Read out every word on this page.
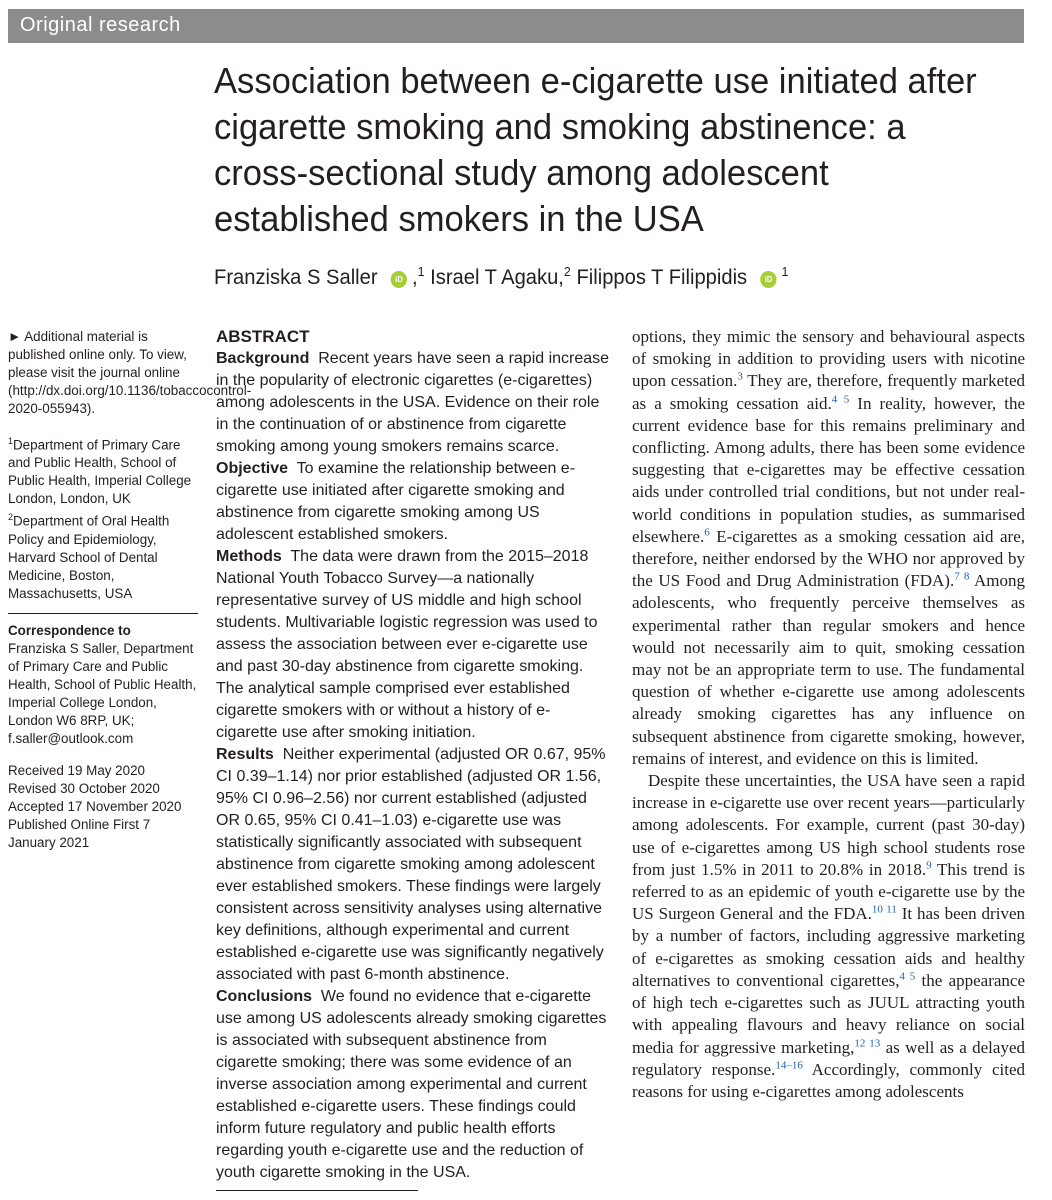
Original research
Association between e-cigarette use initiated after cigarette smoking and smoking abstinence: a cross-sectional study among adolescent established smokers in the USA
Franziska S Saller iD ,$^1$ Israel T Agaku,$^2$ Filippos T Filippidis $iD^1$

► Additional material is published online only. To view, please visit the journal online (http://dx.doi.org/10.1136/tobaccocontrol-2020-055943).

$^1$Department of Primary Care and Public Health, School of Public Health, Imperial College London, London, UK

$^2$Department of Oral Health Policy and Epidemiology, Harvard School of Dental Medicine, Boston, Massachusetts, USA

Correspondence to

Franziska S Saller, Department of Primary Care and Public Health, School of Public Health, Imperial College London, London W6 8RP, UK; f.saller@outlook.com

Received 19 May 2020

Revised 30 October 2020

Accepted 17 November 2020

Published Online First 7 January 2021

ABSTRACT

Background Recent years have seen a rapid increase in the popularity of electronic cigarettes (e-cigarettes) among adolescents in the USA. Evidence on their role in the continuation of or abstinence from cigarette smoking among young smokers remains scarce.

Objective To examine the relationship between e-cigarette use initiated after cigarette smoking and abstinence from cigarette smoking among US adolescent established smokers.

Methods The data were drawn from the 2015–2018 National Youth Tobacco Survey—a nationally representative survey of US middle and high school students. Multivariable logistic regression was used to assess the association between ever e-cigarette use and past 30-day abstinence from cigarette smoking. The analytical sample comprised ever established cigarette smokers with or without a history of e-cigarette use after smoking initiation.

Results Neither experimental (adjusted OR 0.67, 95% CI 0.39–1.14) nor prior established (adjusted OR 1.56, 95% CI 0.96–2.56) nor current established (adjusted OR 0.65, 95% CI 0.41–1.03) e-cigarette use was statistically significantly associated with subsequent abstinence from cigarette smoking among adolescent ever established smokers. These findings were largely consistent across sensitivity analyses using alternative key definitions, although experimental and current established e-cigarette use was significantly negatively associated with past 6-month abstinence.

Conclusions We found no evidence that e-cigarette use among US adolescents already smoking cigarettes is associated with subsequent abstinence from cigarette smoking; there was some evidence of an inverse association among experimental and current established e-cigarette users. These findings could inform future regulatory and public health efforts regarding youth e-cigarette use and the reduction of youth cigarette smoking in the USA.

options, they mimic the sensory and behavioural aspects of smoking in addition to providing users with nicotine upon cessation.$^3$ They are, therefore, frequently marketed as a smoking cessation aid.$^{4 5}$ In reality, however, the current evidence base for this remains preliminary and conflicting. Among adults, there has been some evidence suggesting that e-cigarettes may be effective cessation aids under controlled trial conditions, but not under real-world conditions in population studies, as summarised elsewhere.$^6$ E-cigarettes as a smoking cessation aid are, therefore, neither endorsed by the WHO nor approved by the US Food and Drug Administration (FDA).$^{7 8}$ Among adolescents, who frequently perceive themselves as experimental rather than regular smokers and hence would not necessarily aim to quit, smoking cessation may not be an appropriate term to use. The fundamental question of whether e-cigarette use among adolescents already smoking cigarettes has any influence on subsequent abstinence from cigarette smoking, however, remains of interest, and evidence on this is limited.

Despite these uncertainties, the USA have seen a rapid increase in e-cigarette use over recent years—particularly among adolescents. For example, current (past 30-day) use of e-cigarettes among US high school students rose from just 1.5% in 2011 to 20.8% in 2018.$^9$ This trend is referred to as an epidemic of youth e-cigarette use by the US Surgeon General and the FDA.$^{10 11}$ It has been driven by a number of factors, including aggressive marketing of e-cigarettes as smoking cessation aids and healthy alternatives to conventional cigarettes,$^{4 5}$ the appearance of high tech e-cigarettes such as JUUL attracting youth with appealing flavours and heavy reliance on social media for aggressive marketing,$^{12 13}$ as well as a delayed regulatory response.$^{14-16}$ Accordingly, commonly cited reasons for using e-cigarettes among adolescents
